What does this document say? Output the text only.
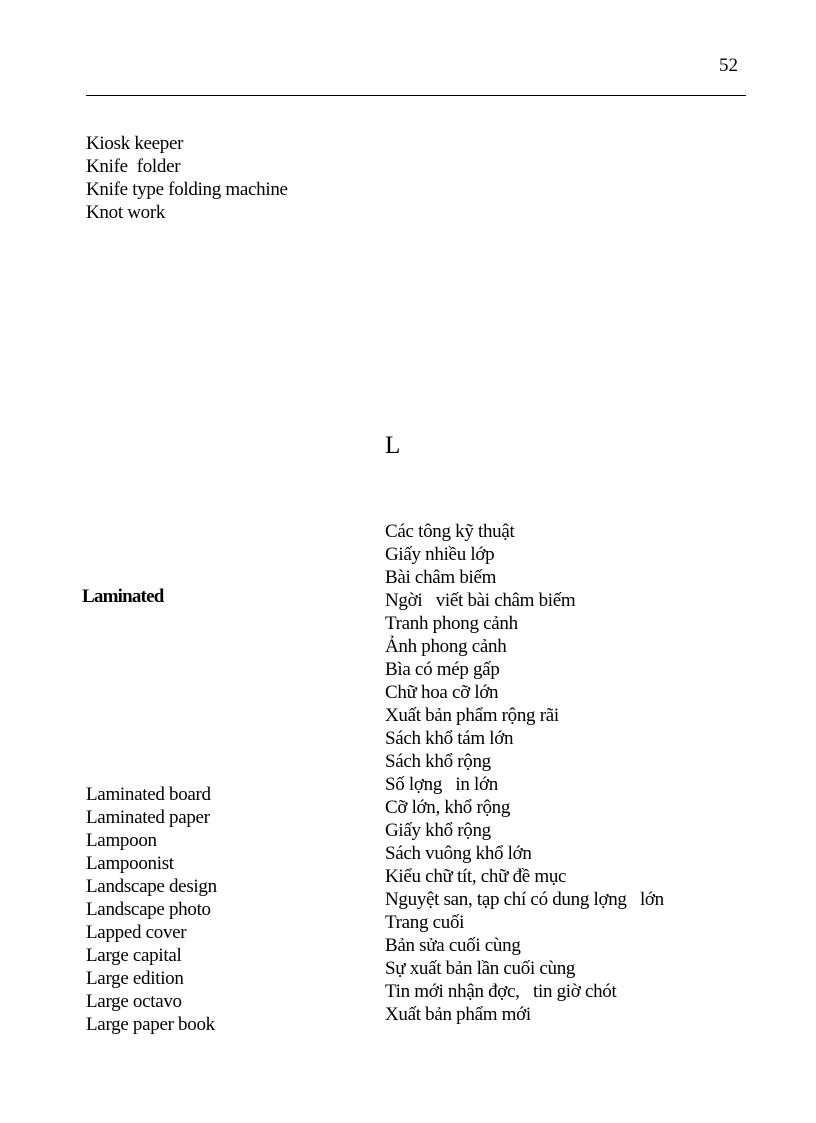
52
Kiosk keeper
Knife  folder
Knife type folding machine
Knot work
L
Laminated
Các tông kỹ thuật
Giấy nhiều lớp
Bài châm biếm
Ngời   viết bài châm biếm
Tranh phong cảnh
Ảnh phong cảnh
Bìa có mép gấp
Chữ hoa cỡ lớn
Xuất bản phẩm rộng rãi
Sách khổ tám lớn
Sách khổ rộng
Số lợng   in lớn
Cỡ lớn, khổ rộng
Giấy khổ rộng
Sách vuông khổ lớn
Kiểu chữ tít, chữ đề mục
Nguyệt san, tạp chí có dung lợng   lớn
Trang cuối
Bản sửa cuối cùng
Sự xuất bản lần cuối cùng
Tin mới nhận đợc,   tin giờ chót
Xuất bản phẩm mới
Laminated board
Laminated paper
Lampoon
Lampoonist
Landscape design
Landscape photo
Lapped cover
Large capital
Large edition
Large octavo
Large paper book
